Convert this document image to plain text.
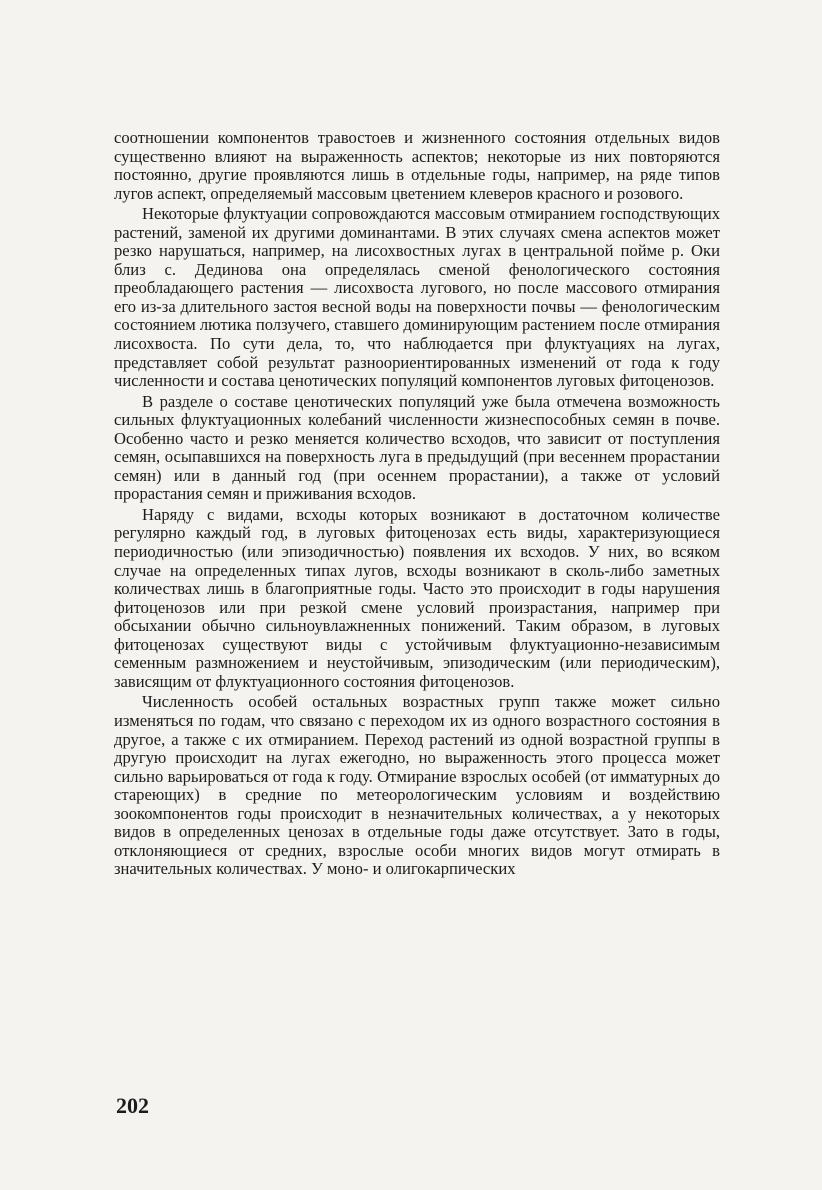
соотношении компонентов травостоев и жизненного состояния отдельных видов существенно влияют на выраженность аспектов; некоторые из них повторяются постоянно, другие проявляются лишь в отдельные годы, например, на ряде типов лугов аспект, определяемый массовым цветением клеверов красного и розового.

Некоторые флуктуации сопровождаются массовым отмиранием господствующих растений, заменой их другими доминантами. В этих случаях смена аспектов может резко нарушаться, например, на лисохвостных лугах в центральной пойме р. Оки близ с. Дединова она определялась сменой фенологического состояния преобладающего растения — лисохвоста лугового, но после массового отмирания его из-за длительного застоя весной воды на поверхности почвы — фенологическим состоянием лютика ползучего, ставшего доминирующим растением после отмирания лисохвоста. По сути дела, то, что наблюдается при флуктуациях на лугах, представляет собой результат разноориентированных изменений от года к году численности и состава ценотических популяций компонентов луговых фитоценозов.

В разделе о составе ценотических популяций уже была отмечена возможность сильных флуктуационных колебаний численности жизнеспособных семян в почве. Особенно часто и резко меняется количество всходов, что зависит от поступления семян, осыпавшихся на поверхность луга в предыдущий (при весеннем прорастании семян) или в данный год (при осеннем прорастании), а также от условий прорастания семян и приживания всходов.

Наряду с видами, всходы которых возникают в достаточном количестве регулярно каждый год, в луговых фитоценозах есть виды, характеризующиеся периодичностью (или эпизодичностью) появления их всходов. У них, во всяком случае на определенных типах лугов, всходы возникают в сколь-либо заметных количествах лишь в благоприятные годы. Часто это происходит в годы нарушения фитоценозов или при резкой смене условий произрастания, например при обсыхании обычно сильноувлажненных понижений. Таким образом, в луговых фитоценозах существуют виды с устойчивым флуктуационно-независимым семенным размножением и неустойчивым, эпизодическим (или периодическим), зависящим от флуктуационного состояния фитоценозов.

Численность особей остальных возрастных групп также может сильно изменяться по годам, что связано с переходом их из одного возрастного состояния в другое, а также с их отмиранием. Переход растений из одной возрастной группы в другую происходит на лугах ежегодно, но выраженность этого процесса может сильно варьироваться от года к году. Отмирание взрослых особей (от имматурных до стареющих) в средние по метеорологическим условиям и воздействию зоокомпонентов годы происходит в незначительных количествах, а у некоторых видов в определенных ценозах в отдельные годы даже отсутствует. Зато в годы, отклоняющиеся от средних, взрослые особи многих видов могут отмирать в значительных количествах. У моно- и олигокарпических

202
